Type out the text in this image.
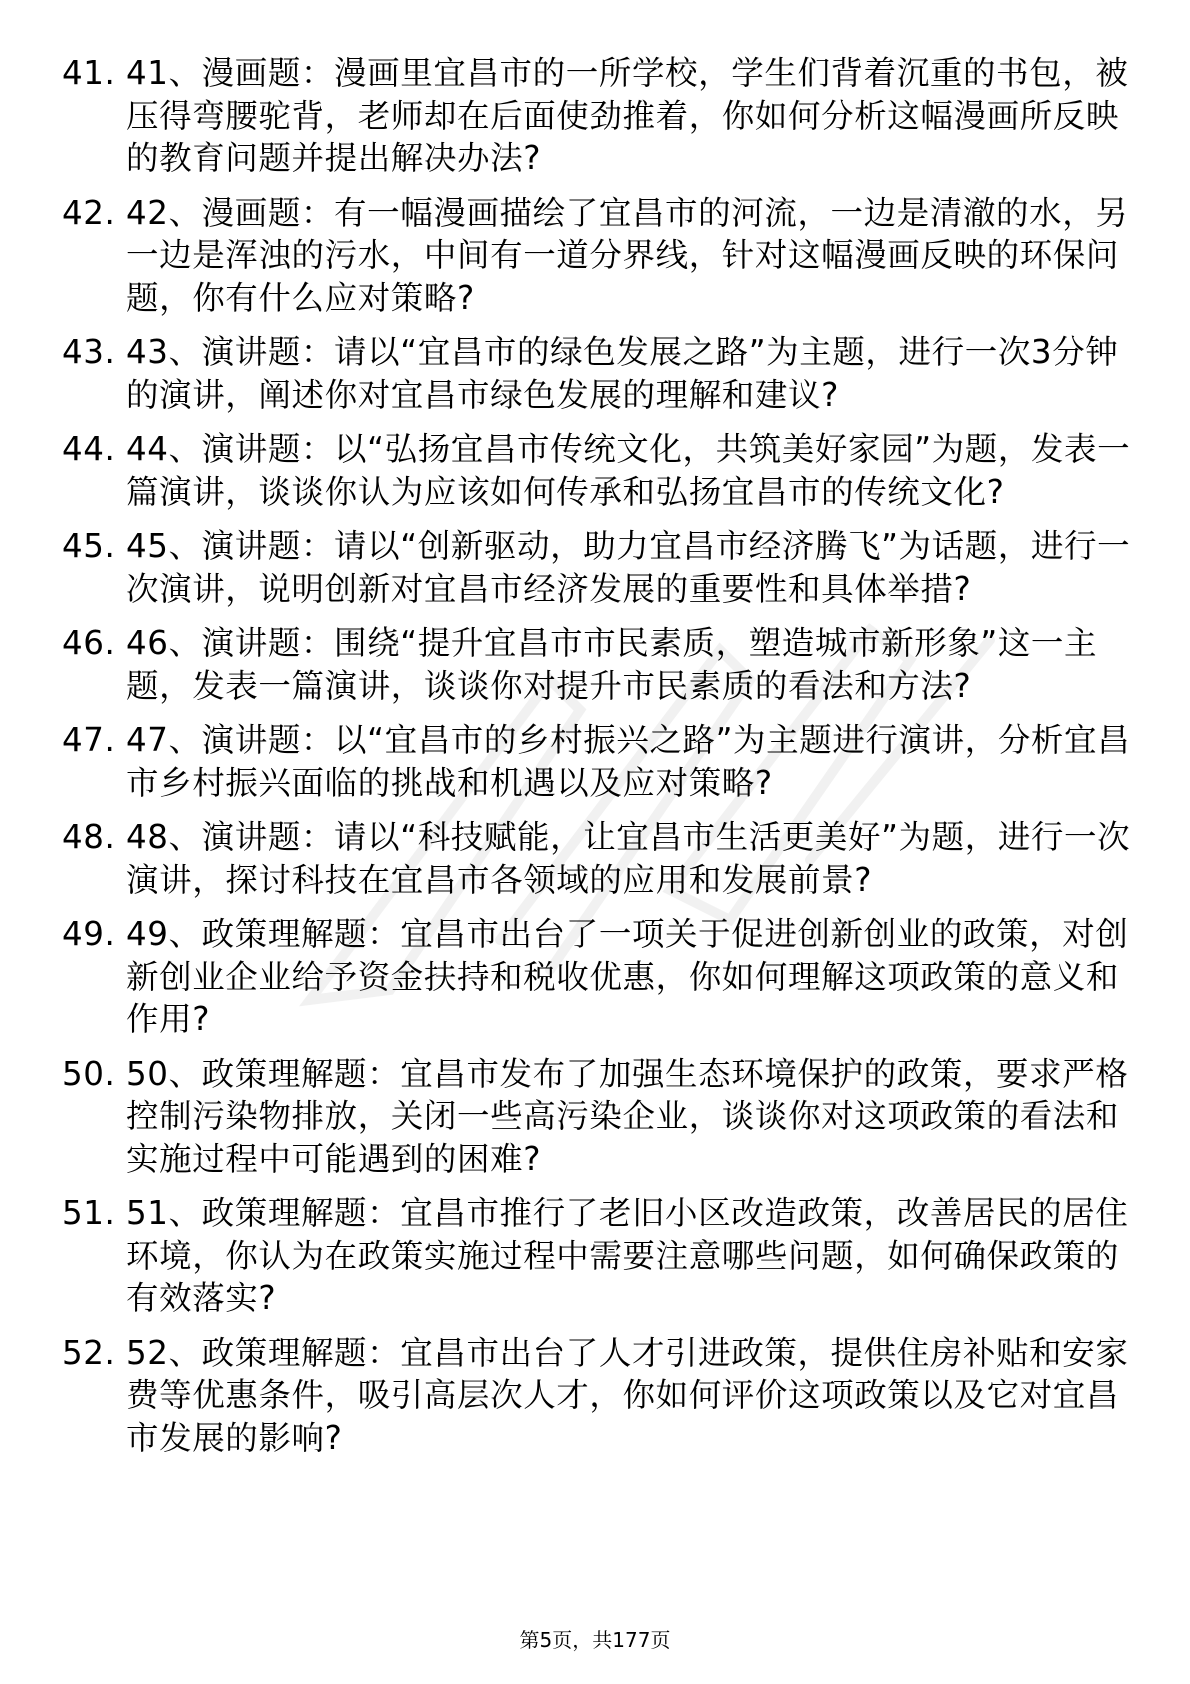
41. 41、漫画题：漫画里宜昌市的一所学校，学生们背着沉重的书包，被压得弯腰驼背，老师却在后面使劲推着，你如何分析这幅漫画所反映的教育问题并提出解决办法?
42. 42、漫画题：有一幅漫画描绘了宜昌市的河流，一边是清澈的水，另一边是浑浊的污水，中间有一道分界线，针对这幅漫画反映的环保问题，你有什么应对策略?
43. 43、演讲题：请以“宜昌市的绿色发展之路”为主题，进行一次3分钟的演讲，阐述你对宜昌市绿色发展的理解和建议?
44. 44、演讲题：以“弘扬宜昌市传统文化，共筑美好家园”为题，发表一篇演讲，谈谈你认为应该如何传承和弘扬宜昌市的传统文化?
45. 45、演讲题：请以“创新驱动，助力宜昌市经济腾飞”为话题，进行一次演讲，说明创新对宜昌市经济发展的重要性和具体举措?
46. 46、演讲题：围绕“提升宜昌市市民素质，塑造城市新形象”这一主题，发表一篇演讲，谈谈你对提升市民素质的看法和方法?
47. 47、演讲题：以“宜昌市的乡村振兴之路”为主题进行演讲，分析宜昌市乡村振兴面临的挑战和机遇以及应对策略?
48. 48、演讲题：请以“科技赋能，让宜昌市生活更美好”为题，进行一次演讲，探讨科技在宜昌市各领域的应用和发展前景?
49. 49、政策理解题：宜昌市出台了一项关于促进创新创业的政策，对创新创业企业给予资金扶持和税收优惠，你如何理解这项政策的意义和作用?
50. 50、政策理解题：宜昌市发布了加强生态环境保护的政策，要求严格控制污染物排放，关闭一些高污染企业，谈谈你对这项政策的看法和实施过程中可能遇到的困难?
51. 51、政策理解题：宜昌市推行了老旧小区改造政策，改善居民的居住环境，你认为在政策实施过程中需要注意哪些问题，如何确保政策的有效落实?
52. 52、政策理解题：宜昌市出台了人才引进政策，提供住房补贴和安家费等优惠条件，吸引高层次人才，你如何评价这项政策以及它对宜昌市发展的影响?
第5页，共177页
